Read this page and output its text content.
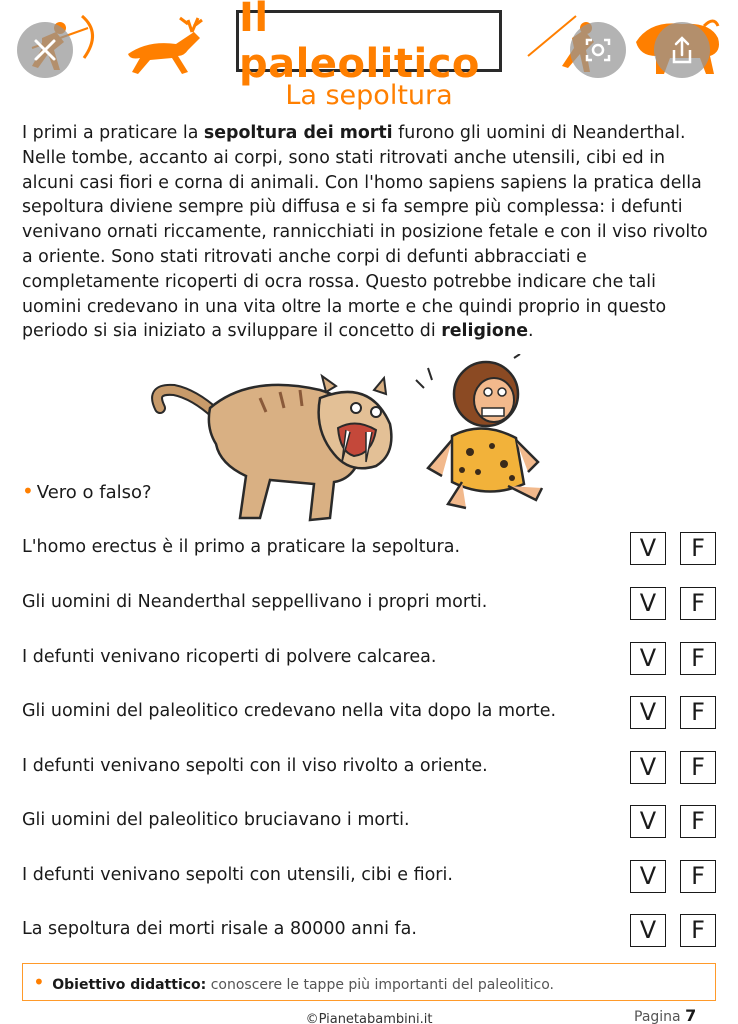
Il paleolitico
La sepoltura

I primi a praticare la sepoltura dei morti furono gli uomini di Neanderthal. Nelle tombe, accanto ai corpi, sono stati ritrovati anche utensili, cibi ed in alcuni casi fiori e corna di animali. Con l'homo sapiens sapiens la pratica della sepoltura diviene sempre più diffusa e si fa sempre più complessa: i defunti venivano ornati riccamente, rannicchiati in posizione fetale e con il viso rivolto a oriente. Sono stati ritrovati anche corpi di defunti abbracciati e completamente ricoperti di ocra rossa. Questo potrebbe indicare che tali uomini credevano in una vita oltre la morte e che quindi proprio in questo periodo si sia iniziato a sviluppare il concetto di religione.

• Vero o falso?
L'homo erectus è il primo a praticare la sepoltura.	V	F
Gli uomini di Neanderthal seppellivano i propri morti.	V	F
I defunti venivano ricoperti di polvere calcarea.	V	F
Gli uomini del paleolitico credevano nella vita dopo la morte.	V	F
I defunti venivano sepolti con il viso rivolto a oriente.	V	F
Gli uomini del paleolitico bruciavano i morti.	V	F
I defunti venivano sepolti con utensili, cibi e fiori.	V	F
La sepoltura dei morti risale a 80000 anni fa.	V	F
• Obiettivo didattico: conoscere le tappe più importanti del paleolitico.
©Pianetabambini.it	Pagina 7
